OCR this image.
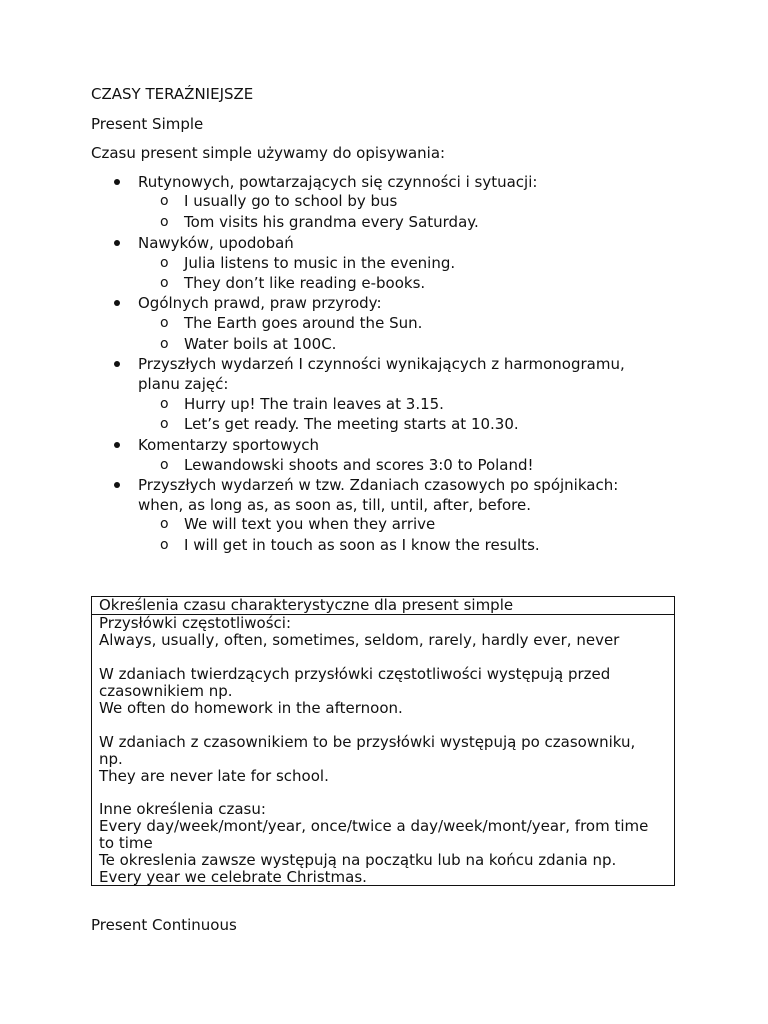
CZASY TERAŹNIEJSZE
Present Simple
Czasu present simple używamy do opisywania:
Rutynowych, powtarzających się czynności i sytuacji:
o I usually go to school by bus
o Tom visits his grandma every Saturday.
Nawyków, upodobań
o Julia listens to music in the evening.
o They don’t like reading e-books.
Ogólnych prawd, praw przyrody:
o The Earth goes around the Sun.
o Water boils at 100C.
Przyszłych wydarzeń I czynności wynikających z harmonogramu,
planu zajęć:
o Hurry up! The train leaves at 3.15.
o Let’s get ready. The meeting starts at 10.30.
Komentarzy sportowych
o Lewandowski shoots and scores 3:0 to Poland!
Przyszłych wydarzeń w tzw. Zdaniach czasowych po spójnikach:
when, as long as, as soon as, till, until, after, before.
o We will text you when they arrive
o I will get in touch as soon as I know the results.
Określenia czasu charakterystyczne dla present simple
Przysłówki częstotliwości:
Always, usually, often, sometimes, seldom, rarely, hardly ever, never
W zdaniach twierdzących przysłówki częstotliwości występują przed
czasownikiem np.
We often do homework in the afternoon.
W zdaniach z czasownikiem to be przysłówki występują po czasowniku,
np.
They are never late for school.
Inne określenia czasu:
Every day/week/mont/year, once/twice a day/week/mont/year, from time
to time
Te okreslenia zawsze występują na początku lub na końcu zdania np.
Every year we celebrate Christmas.
Present Continuous
